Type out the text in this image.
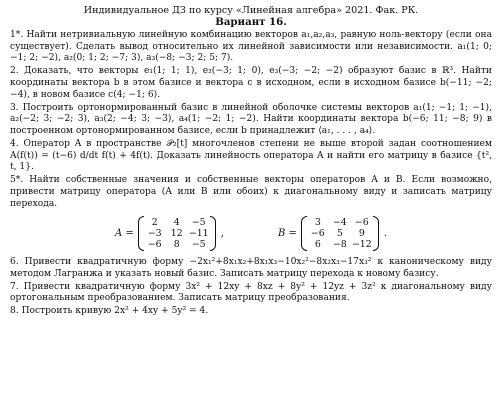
Индивидуальное ДЗ по курсу «Линейная алгебра» 2021. Фак. РК.
Вариант 16.
1*. Найти нетривиальную линейную комбинацию векторов a₁,a₂,a₃, равную ноль-вектору (если она существует). Сделать вывод относительно их линейной зависимости или независимости. a₁(1; 0; −1; 2; −2), a₂(0; 1; 2; −7; 3), a₃(−8; −3; 2; 5; 7).
2. Доказать, что векторы e₁(1; 1; 1), e₂(−3; 1; 0), e₃(−3; −2; −2) образуют базис в ℝ³. Найти координаты вектора b в этом базисе и вектора c в исходном, если в исходном базисе b(−11; −2; −4), в новом базисе c(4; −1; 6).
3. Построить ортонормированный базис в линейной оболочке системы векторов a₁(1; −1; 1; −1), a₂(−2; 3; −2; 3), a₃(2; −4; 3; −3), a₄(1; −2; 1; −2). Найти координаты вектора b(−6; 11; −8; 9) в построенном ортонормированном базисе, если b принадлежит ⟨a₁, . . . , a₄⟩.
4. Оператор A в пространстве 𝒫₂[t] многочленов степени не выше второй задан соотношением A(f(t)) = (t−6) d/dt f(t) + 4f(t). Доказать линейность оператора A и найти его матрицу в базисе {t², t, 1}.
5*. Найти собственные значения и собственные векторы операторов A и B. Если возможно, привести матрицу оператора (A или B или обоих) к диагональному виду и записать матрицу перехода.
A =
2	4	−5
−3 12 −11
−6	8	−5
,	B =
3	−4 −6
−6	5	9
6	−8 −12
.
6. Привести квадратичную форму −2x₁²+8x₁x₂+8x₁x₃−10x₂²−8x₂x₃−17x₃² к каноническому виду методом Лагранжа и указать новый базис. Записать матрицу перехода к новому базису.
7. Привести квадратичную форму 3x² + 12xy + 8xz + 8y² + 12yz + 3z² к диагональному виду ортогональным преобразованием. Записать матрицу преобразования.
8. Построить кривую 2x² + 4xy + 5y² = 4.
